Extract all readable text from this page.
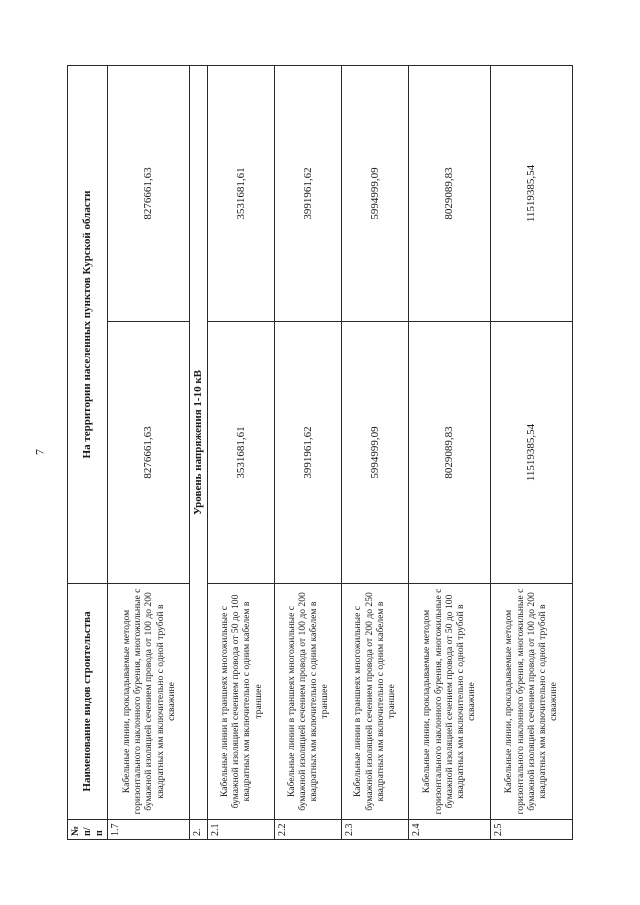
7
№ п/п	Наименование видов строительства	На территории населенных пунктов Курской области	
1.7	Кабельные линии, прокладываемые методом горизонтального наклонного бурения, многожильные с бумажной изоляцией сечением провода от 100 до 200 квадратных мм включительно с одной трубой в скважине	8276661,63	8276661,63
2.	Уровень напряжения 1-10 кВ		
2.1	Кабельные линии в траншеях многожильные с бумажной изоляцией сечением провода от 50 до 100 квадратных мм включительно с одним кабелем в траншее	3531681,61	3531681,61
2.2	Кабельные линии в траншеях многожильные с бумажной изоляцией сечением провода от 100 до 200 квадратных мм включительно с одним кабелем в траншее	3991961,62	3991961,62
2.3	Кабельные линии в траншеях многожильные с бумажной изоляцией сечением провода от 200 до 250 квадратных мм включительно с одним кабелем в траншее	5994999,09	5994999,09
2.4	Кабельные линии, прокладываемые методом горизонтального наклонного бурения, многожильные с бумажной изоляцией сечением провода от 50 до 100 квадратных мм включительно с одной трубой в скважине	8029089,83	8029089,83
2.5	Кабельные линии, прокладываемые методом горизонтального наклонного бурения, многожильные с бумажной изоляцией сечением провода от 100 до 200 квадратных мм включительно с одной трубой в скважине	11519385,54	11519385,54
